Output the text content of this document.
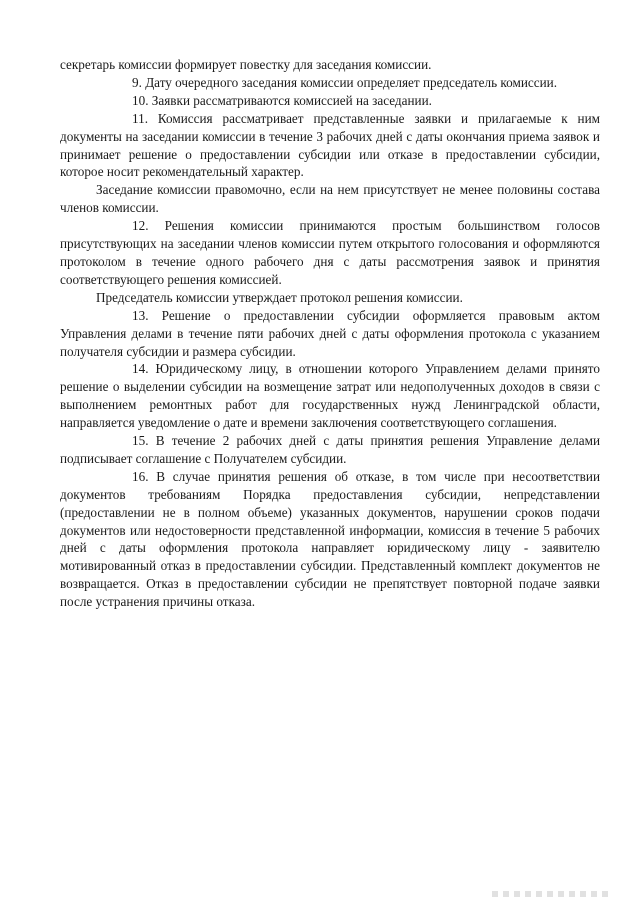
секретарь комиссии формирует повестку для заседания комиссии.

9. Дату очередного заседания комиссии определяет председатель комиссии.

10. Заявки рассматриваются комиссией на заседании.

11. Комиссия рассматривает представленные заявки и прилагаемые к ним документы на заседании комиссии в течение 3 рабочих дней с даты окончания приема заявок и принимает решение о предоставлении субсидии или отказе в предоставлении субсидии, которое носит рекомендательный характер.

Заседание комиссии правомочно, если на нем присутствует не менее половины состава членов комиссии.

12. Решения комиссии принимаются простым большинством голосов присутствующих на заседании членов комиссии путем открытого голосования и оформляются протоколом в течение одного рабочего дня с даты рассмотрения заявок и принятия соответствующего решения комиссией.

Председатель комиссии утверждает протокол решения комиссии.

13. Решение о предоставлении субсидии оформляется правовым актом Управления делами в течение пяти рабочих дней с даты оформления протокола с указанием получателя субсидии и размера субсидии.

14. Юридическому лицу, в отношении которого Управлением делами принято решение о выделении субсидии на возмещение затрат или недополученных доходов в связи с выполнением ремонтных работ для государственных нужд Ленинградской области, направляется уведомление о дате и времени заключения соответствующего соглашения.

15. В течение 2 рабочих дней с даты принятия решения Управление делами подписывает соглашение с Получателем субсидии.

16. В случае принятия решения об отказе, в том числе при несоответствии документов требованиям Порядка предоставления субсидии, непредставлении (предоставлении не в полном объеме) указанных документов, нарушении сроков подачи документов или недостоверности представленной информации, комиссия в течение 5 рабочих дней с даты оформления протокола направляет юридическому лицу - заявителю мотивированный отказ в предоставлении субсидии. Представленный комплект документов не возвращается. Отказ в предоставлении субсидии не препятствует повторной подаче заявки после устранения причины отказа.
